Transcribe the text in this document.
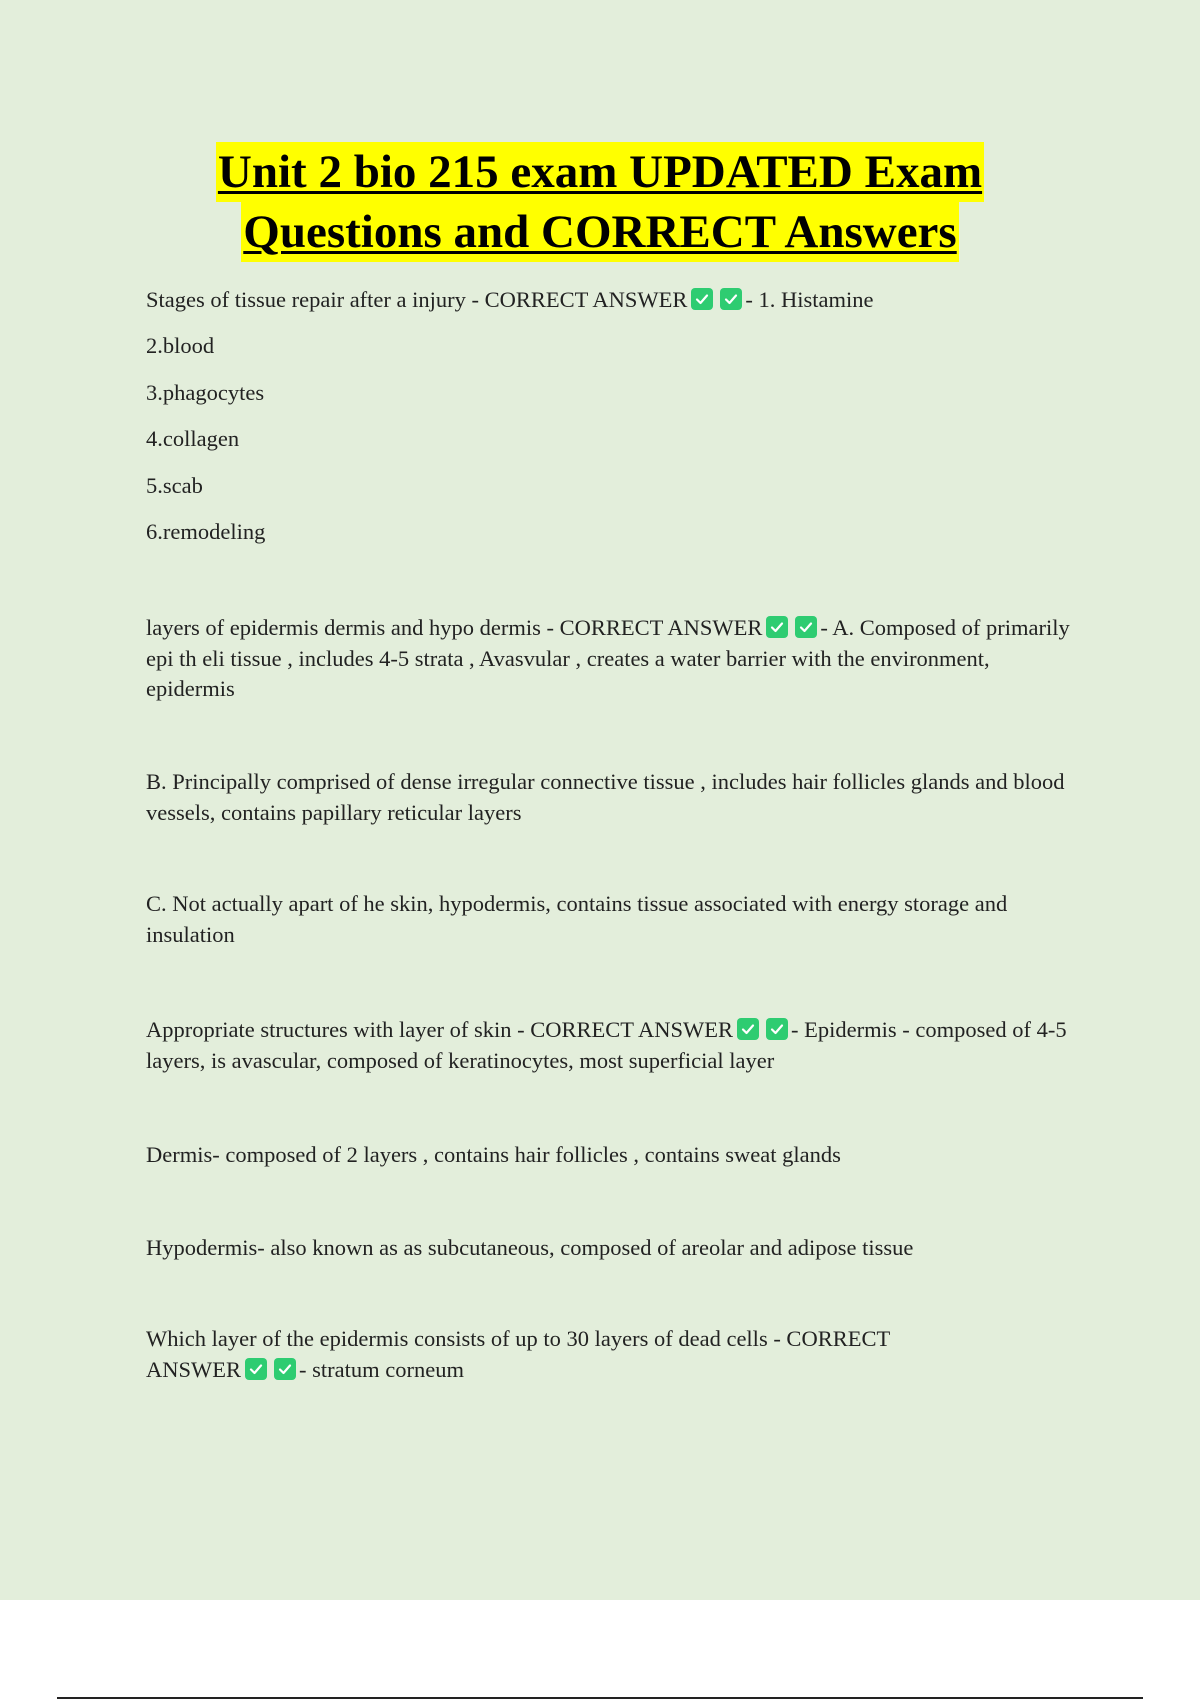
Unit 2 bio 215 exam UPDATED Exam
Questions and CORRECT Answers
Stages of tissue repair after a injury - CORRECT ANSWER	- 1. Histamine
2.blood
3.phagocytes
4.collagen
5.scab
6.remodeling
layers of epidermis dermis and hypo dermis - CORRECT ANSWER	- A. Composed of primarily epi th eli tissue , includes 4-5 strata , Avasvular , creates a water barrier with the environment, epidermis
B. Principally comprised of dense irregular connective tissue , includes hair follicles glands and blood vessels, contains papillary reticular layers
C. Not actually apart of he skin, hypodermis, contains tissue associated with energy storage and insulation
Appropriate structures with layer of skin - CORRECT ANSWER	- Epidermis - composed of 4-5 layers, is avascular, composed of keratinocytes, most superficial layer
Dermis- composed of 2 layers , contains hair follicles , contains sweat glands
Hypodermis- also known as as subcutaneous, composed of areolar and adipose tissue
Which layer of the epidermis consists of up to 30 layers of dead cells - CORRECT ANSWER	- stratum corneum
